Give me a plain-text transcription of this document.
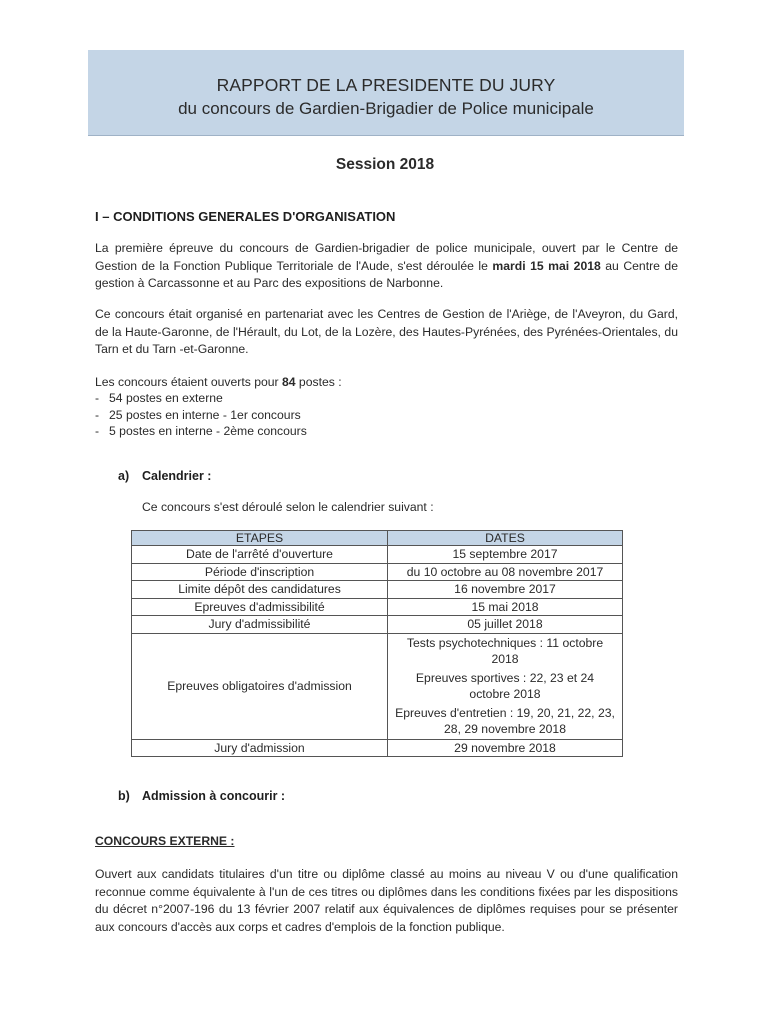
RAPPORT DE LA PRESIDENTE DU JURY
du concours de Gardien-Brigadier de Police municipale
Session 2018
I – CONDITIONS GENERALES D'ORGANISATION
La première épreuve du concours de Gardien-brigadier de police municipale, ouvert par le Centre de Gestion de la Fonction Publique Territoriale de l'Aude, s'est déroulée le mardi 15 mai 2018 au Centre de gestion à Carcassonne et au Parc des expositions de Narbonne.
Ce concours était organisé en partenariat avec les Centres de Gestion de l'Ariège, de l'Aveyron, du Gard, de la Haute-Garonne, de l'Hérault, du Lot, de la Lozère, des Hautes-Pyrénées, des Pyrénées-Orientales, du Tarn et du Tarn -et-Garonne.
Les concours étaient ouverts pour 84 postes :
- 54 postes en externe
- 25 postes en interne - 1er concours
- 5 postes en interne - 2ème concours
a) Calendrier :
Ce concours s'est déroulé selon le calendrier suivant :
ETAPES	DATES
Date de l'arrêté d'ouverture	15 septembre 2017
Période d'inscription	du 10 octobre au 08 novembre 2017
Limite dépôt des candidatures	16 novembre 2017
Epreuves d'admissibilité	15 mai 2018
Jury d'admissibilité	05 juillet 2018
Epreuves obligatoires d'admission	Tests psychotechniques : 11 octobre 2018
Epreuves sportives : 22, 23 et 24 octobre 2018
Epreuves d'entretien : 19, 20, 21, 22, 23, 28, 29 novembre 2018

Jury d'admission	29 novembre 2018
b) Admission à concourir :
CONCOURS EXTERNE :
Ouvert aux candidats titulaires d'un titre ou diplôme classé au moins au niveau V ou d'une qualification reconnue comme équivalente à l'un de ces titres ou diplômes dans les conditions fixées par les dispositions du décret n°2007-196 du 13 février 2007 relatif aux équivalences de diplômes requises pour se présenter aux concours d'accès aux corps et cadres d'emplois de la fonction publique.
